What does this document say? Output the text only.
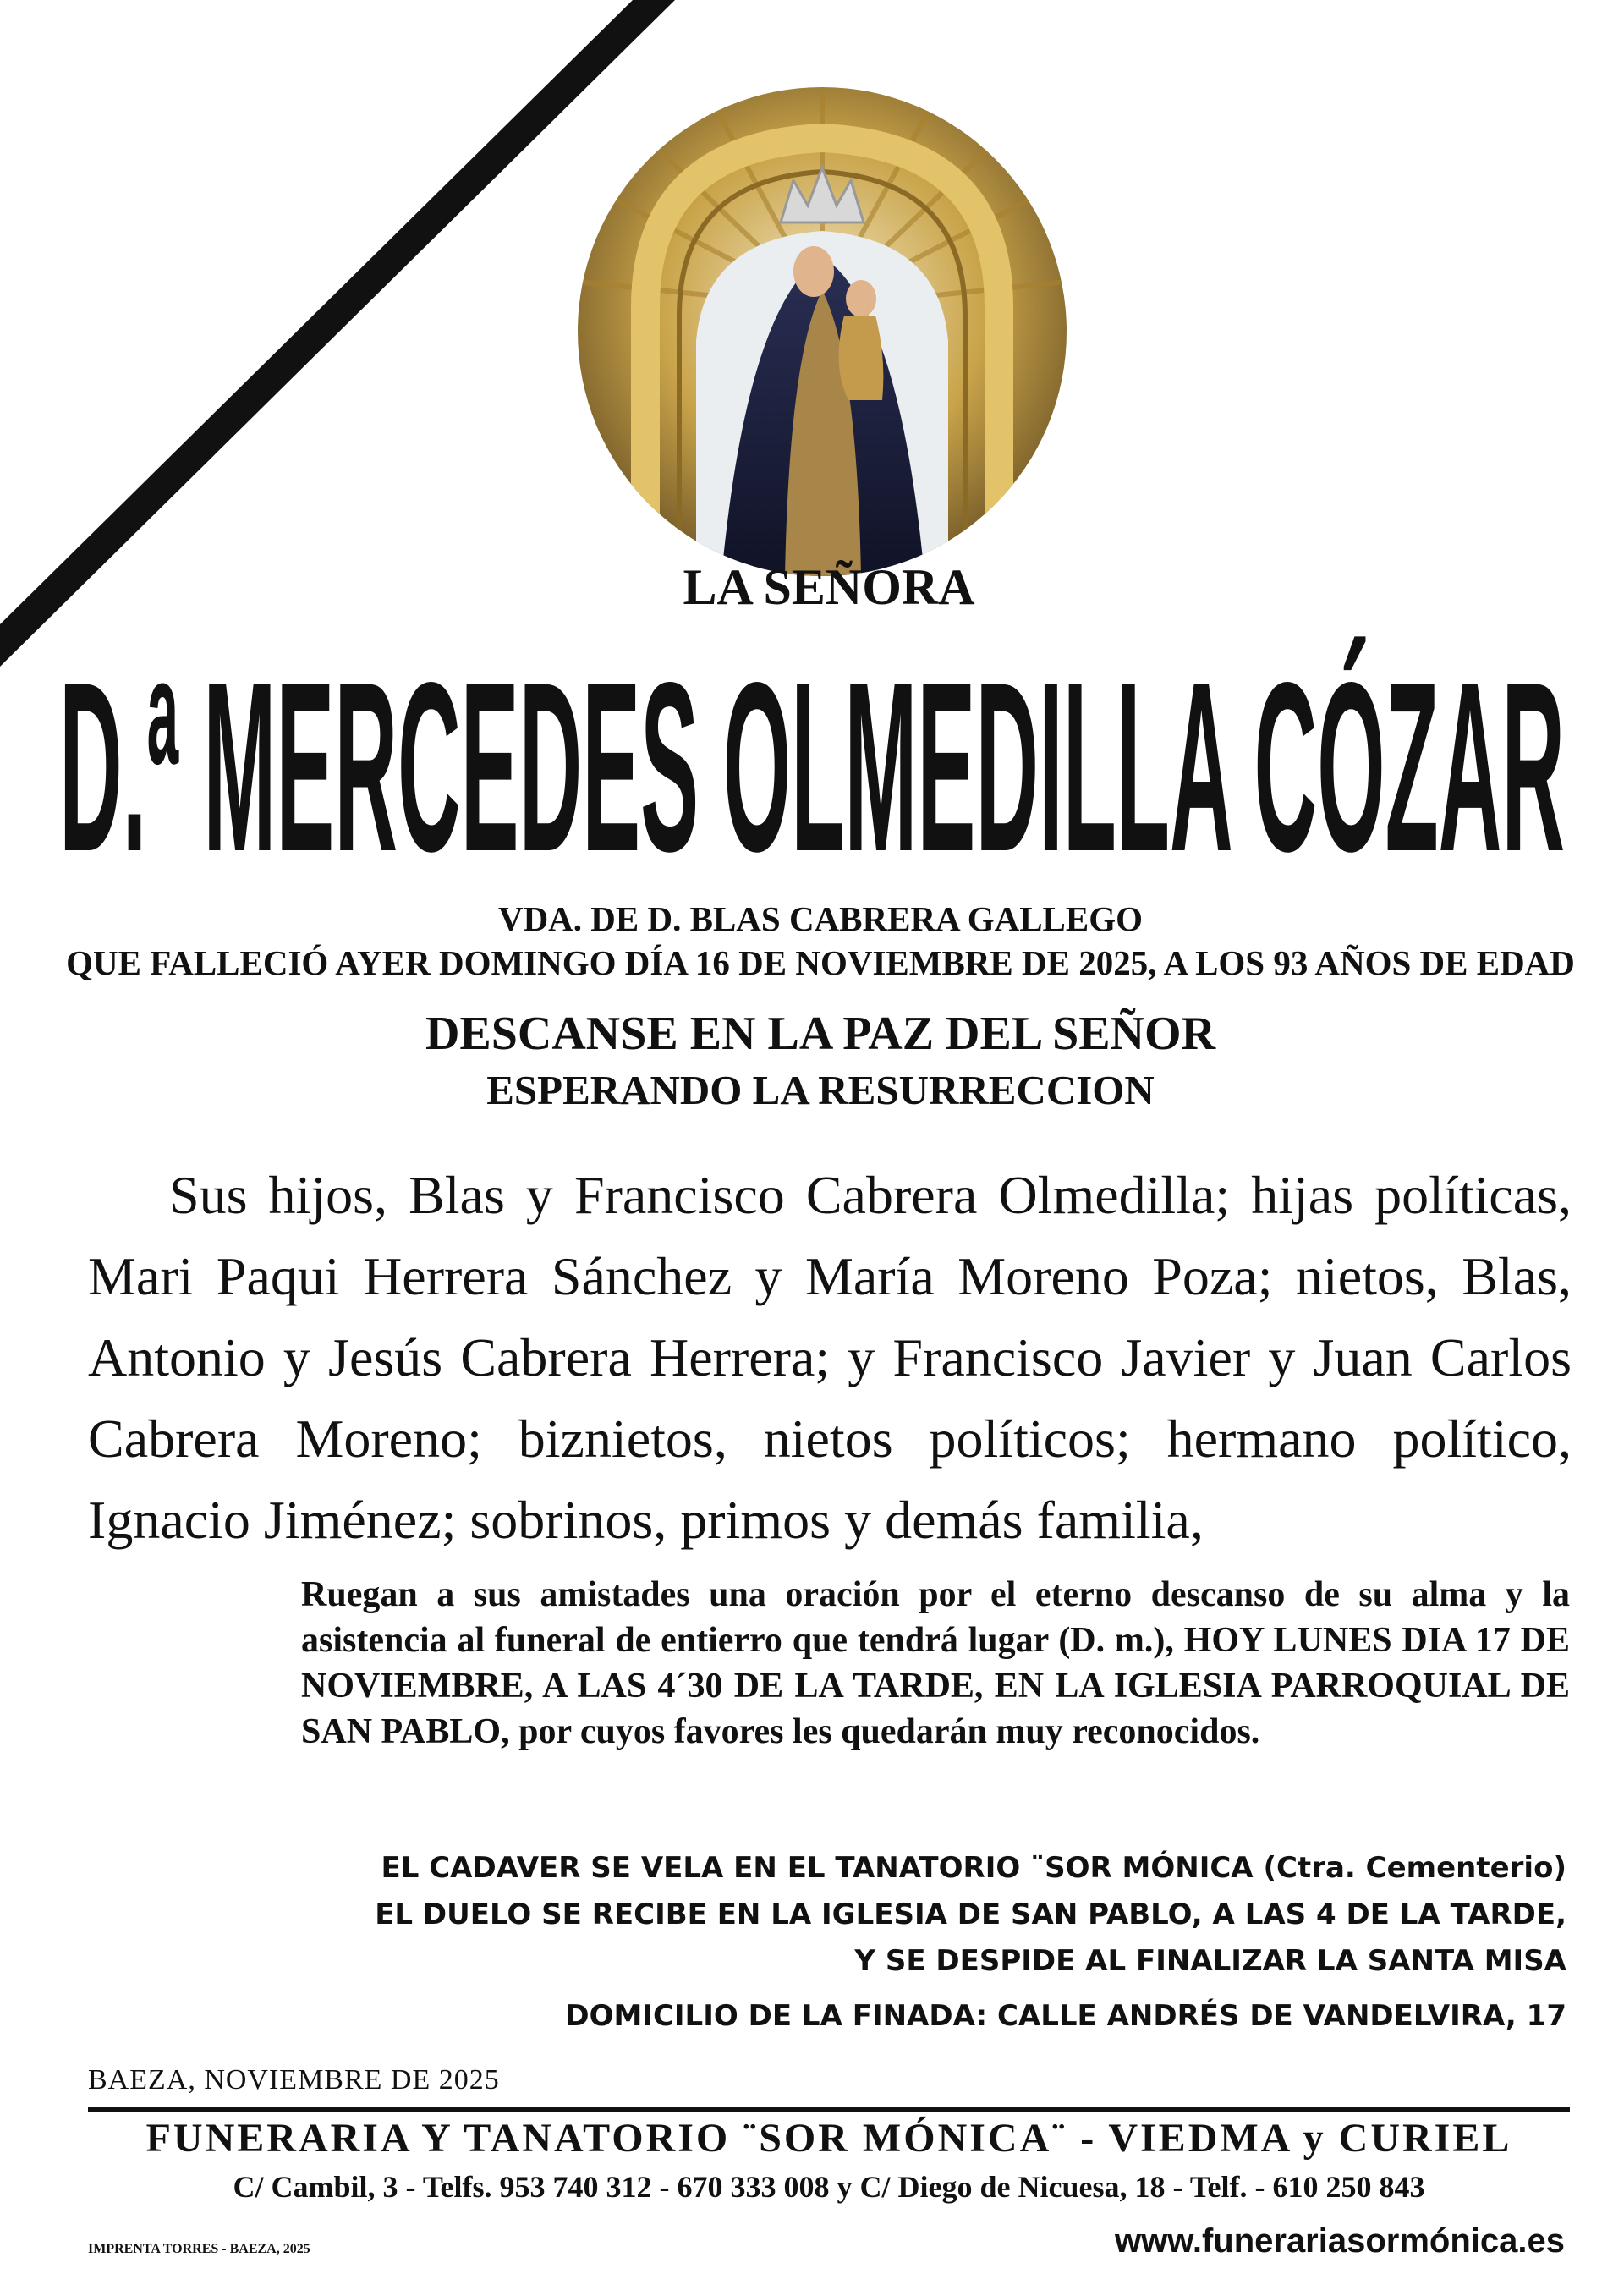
LA SEÑORA
D.ª MERCEDES OLMEDILLA CÓZAR
VDA. DE D. BLAS CABRERA GALLEGO
QUE FALLECIÓ AYER DOMINGO DÍA 16 DE NOVIEMBRE DE 2025, A LOS 93 AÑOS DE EDAD
DESCANSE EN LA PAZ DEL SEÑOR
ESPERANDO LA RESURRECCION
Sus hijos, Blas y Francisco Cabrera Olmedilla; hijas políticas, Mari Paqui Herrera Sánchez y María Moreno Poza; nietos, Blas, Antonio y Jesús Cabrera Herrera; y Francisco Javier y Juan Carlos Cabrera Moreno; biznietos, nietos políticos; hermano político, Ignacio Jiménez; sobrinos, primos y demás familia,
Ruegan a sus amistades una oración por el eterno descanso de su alma y la asistencia al funeral de entierro que tendrá lugar (D. m.), HOY LUNES DIA 17 DE NOVIEMBRE, A LAS 4´30 DE LA TARDE, EN LA IGLESIA PARROQUIAL DE SAN PABLO, por cuyos favores les quedarán muy reconocidos.
EL CADAVER SE VELA EN EL TANATORIO ¨SOR MÓNICA (Ctra. Cementerio)
EL DUELO SE RECIBE EN LA IGLESIA DE SAN PABLO, A LAS 4 DE LA TARDE,
Y SE DESPIDE AL FINALIZAR LA SANTA MISA
DOMICILIO DE LA FINADA: CALLE ANDRÉS DE VANDELVIRA, 17
BAEZA, NOVIEMBRE DE 2025
FUNERARIA Y TANATORIO ¨SOR MÓNICA¨ - VIEDMA y CURIEL
C/ Cambil, 3 - Telfs. 953 740 312 - 670 333 008 y C/ Diego de Nicuesa, 18 - Telf. - 610 250 843
IMPRENTA TORRES - BAEZA, 2025	www.funerariasormónica.es
